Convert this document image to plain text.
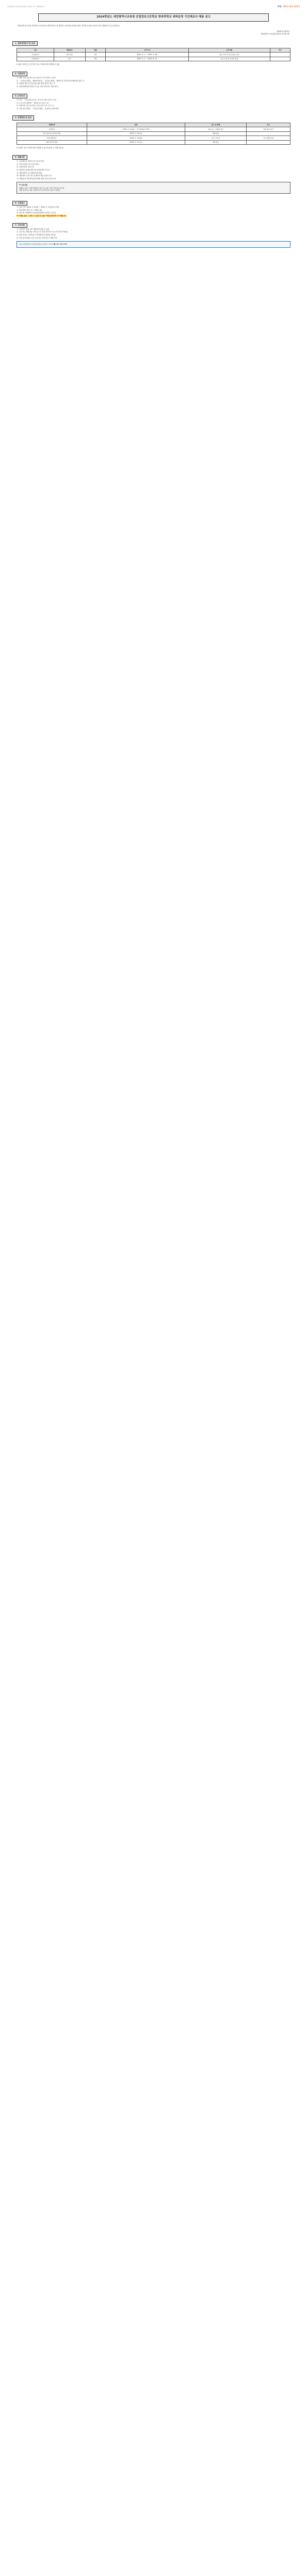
대전광역시교육청산업정보고등학교 공고 제2024-호	쿠팡 이력서 작성 커리어
2024학년도 대전광역시교육청 산업정보고등학교 방과후학교 위탁운영 기간제교사 채용 공고

대전광역시교육청 산업정보고등학교의 방과후학교 및 방과후 교육과정 운영을 위한 기간제 교사를 다음과 같이 채용하고자 공고합니다.

2024년 2월 6일
대전광역시교육청산업정보고등학교장
1. 채용예정분야 및 인원
구분	채용분야	인원	근무기간	근무내용	비고
기간제교사	전자기계	1명	2024. 3. 1. ~ 2025. 2. 28.	전공 교과 수업 및 담임, 업무	-
기간제교사	보건	1명	2024. 3. 1. ~ 2024. 8. 31.	보건 교육 및 보건실 운영	-

※ 채용 인원 및 근무기간은 학교 사정에 따라 변경될 수 있음

2. 지원자격

가. 해당 교과 중등학교 2급 정교사 이상 자격증 소지자

나. 「교육공무원법」 제10조의4 및 「국가공무원법」 제33조의 결격사유에 해당하지 않는 자

다. 성범죄 경력 및 아동학대 관련 범죄 경력이 없는 자

라. 정년(만62세) 미만인 자 (단, 정년 퇴직자는 지원 불가)

3. 근무조건

가. 보수: 「공무원보수규정」에 의거 호봉 산정 후 지급

나. 근무시간: 08:30 ~ 16:30 (주 5일 근무)

다. 4대보험 가입 및 퇴직금 지급 (1년 이상 근무 시)

라. 기타 복무사항은 「교육공무원법」 및 관련 규정에 따름

4. 전형방법 및 일정
전형단계	일정	장소 및 방법	비고
서류접수	2024. 2. 6.(화) ~ 2. 13.(화) 17:00	방문 또는 이메일 접수	우편 접수 불가
1차 서류심사 합격자 발표	2024. 2. 15.(목)	개별 통보	-
2차 면접심사	2024. 2. 19.(월)	본교 교무실	시간 개별 안내
최종 합격자 발표	2024. 2. 21.(수)	개별 통보	-

※ 일정은 학교 사정에 따라 변경될 수 있으며 변경 시 개별 통보함

5. 제출서류

가. 기간제교사 지원서 1부 (소정 양식)

나. 자기소개서 1부 (소정 양식)

다. 교원자격증 사본 1부

라. 최종학교 졸업증명서 및 성적증명서 각 1부

마. 경력증명서 1부 (해당자에 한함)

바. 개인정보 수집·이용 및 제3자 제공 동의서 1부

사. 성범죄 및 아동학대 관련 범죄 경력 조회 동의서 1부

※ 유의사항
제출된 서류는 일체 반환하지 않으며, 허위 기재 시 합격을 취소함
최종 합격자는 채용 신체검사서 및 결격사유 조회 후 임용함
6. 서류접수

가. 접수기간: 2024. 2. 6.(화) ~ 2024. 2. 13.(화) 17:00

나. 접수방법: 방문 또는 이메일 접수

다. 접수처: 대전광역시교육청산업정보고등학교 교무실

※ 이메일 접수 시 반드시 유선으로 접수 여부를 확인하시기 바랍니다.

7. 기타사항

가. 적격자가 없을 경우 채용하지 않을 수 있음

나. 응시자는 제출서류 미비 등으로 인한 불이익은 응시자 본인의 책임임

다. 합격 후라도 결격사유가 발견될 경우 합격을 취소함

라. 기타 문의사항은 본교 교무실로 문의하시기 바랍니다.

문의: 대전광역시교육청산업정보고등학교 교무실 ☎ 042-000-0000
